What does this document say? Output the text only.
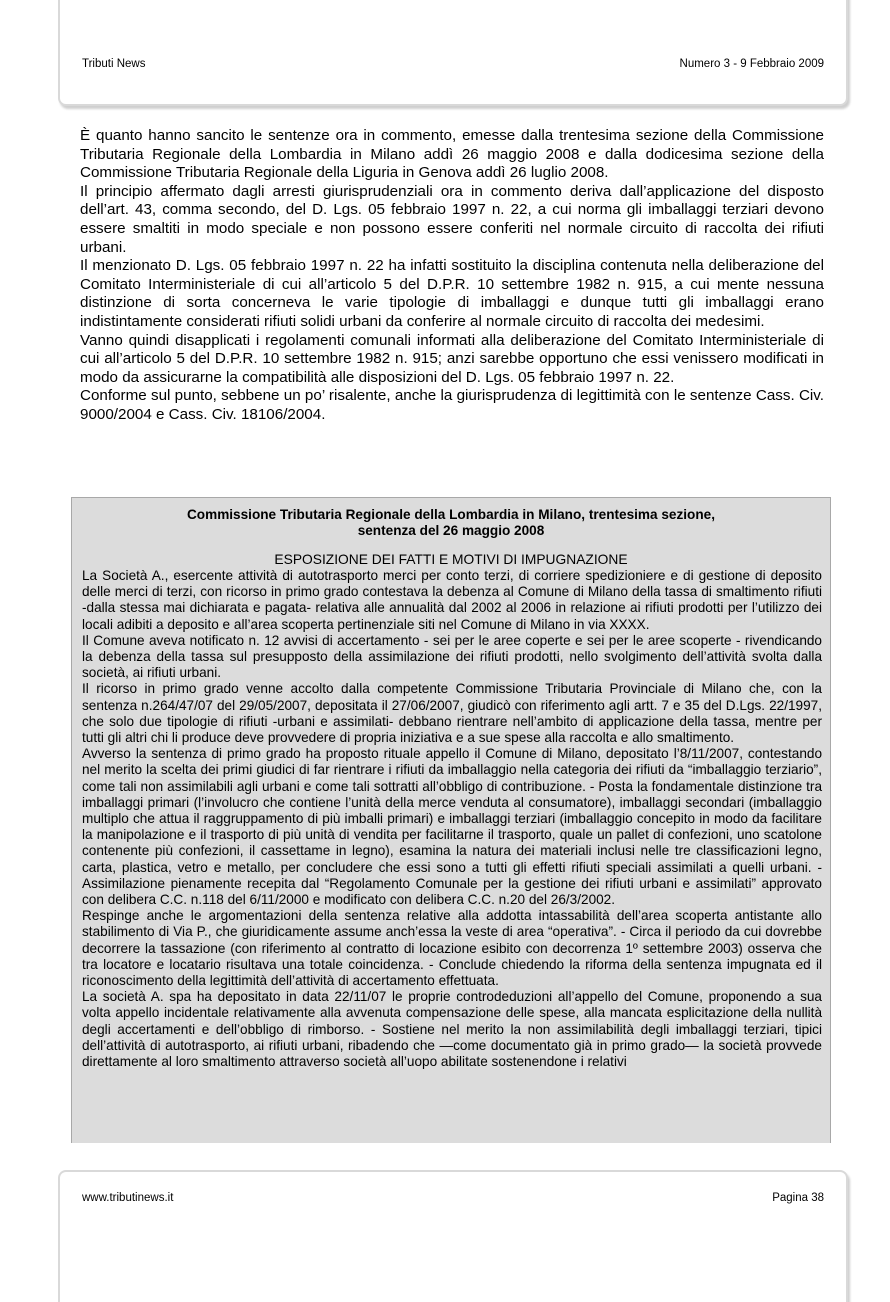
Tributi News	Numero 3 - 9 Febbraio 2009

È quanto hanno sancito le sentenze ora in commento, emesse dalla trentesima sezione della Commissione Tributaria Regionale della Lombardia in Milano addì 26 maggio 2008 e dalla dodicesima sezione della Commissione Tributaria Regionale della Liguria in Genova addì 26 luglio 2008.

Il principio affermato dagli arresti giurisprudenziali ora in commento deriva dall’applicazione del disposto dell’art. 43, comma secondo, del D. Lgs. 05 febbraio 1997 n. 22, a cui norma gli imballaggi terziari devono essere smaltiti in modo speciale e non possono essere conferiti nel normale circuito di raccolta dei rifiuti urbani.

Il menzionato D. Lgs. 05 febbraio 1997 n. 22 ha infatti sostituito la disciplina contenuta nella deliberazione del Comitato Interministeriale di cui all’articolo 5 del D.P.R. 10 settembre 1982 n. 915, a cui mente nessuna distinzione di sorta concerneva le varie tipologie di imballaggi e dunque tutti gli imballaggi erano indistintamente considerati rifiuti solidi urbani da conferire al normale circuito di raccolta dei medesimi.

Vanno quindi disapplicati i regolamenti comunali informati alla deliberazione del Comitato Interministeriale di cui all’articolo 5 del D.P.R. 10 settembre 1982 n. 915; anzi sarebbe opportuno che essi venissero modificati in modo da assicurarne la compatibilità alle disposizioni del D. Lgs. 05 febbraio 1997 n. 22.

Conforme sul punto, sebbene un po’ risalente, anche la giurisprudenza di legittimità con le sentenze Cass. Civ. 9000/2004 e Cass. Civ. 18106/2004.

Commissione Tributaria Regionale della Lombardia in Milano, trentesima sezione,
sentenza del 26 maggio 2008
ESPOSIZIONE DEI FATTI E MOTIVI DI IMPUGNAZIONE

La Società A., esercente attività di autotrasporto merci per conto terzi, di corriere spedizioniere e di gestione di deposito delle merci di terzi, con ricorso in primo grado contestava la debenza al Comune di Milano della tassa di smaltimento rifiuti -dalla stessa mai dichiarata e pagata- relativa alle annualità dal 2002 al 2006 in relazione ai rifiuti prodotti per l’utilizzo dei locali adibiti a deposito e all’area scoperta pertinenziale siti nel Comune di Milano in via XXXX.

Il Comune aveva notificato n. 12 avvisi di accertamento - sei per le aree coperte e sei per le aree scoperte - rivendicando la debenza della tassa sul presupposto della assimilazione dei rifiuti prodotti, nello svolgimento dell’attività svolta dalla società, ai rifiuti urbani.

Il ricorso in primo grado venne accolto dalla competente Commissione Tributaria Provinciale di Milano che, con la sentenza n.264/47/07 del 29/05/2007, depositata il 27/06/2007, giudicò con riferimento agli artt. 7 e 35 del D.Lgs. 22/1997, che solo due tipologie di rifiuti -urbani e assimilati- debbano rientrare nell’ambito di applicazione della tassa, mentre per tutti gli altri chi li produce deve provvedere di propria iniziativa e a sue spese alla raccolta e allo smaltimento.

Avverso la sentenza di primo grado ha proposto rituale appello il Comune di Milano, depositato l’8/11/2007, contestando nel merito la scelta dei primi giudici di far rientrare i rifiuti da imballaggio nella categoria dei rifiuti da “imballaggio terziario”, come tali non assimilabili agli urbani e come tali sottratti all’obbligo di contribuzione. - Posta la fondamentale distinzione tra imballaggi primari (l’involucro che contiene l’unità della merce venduta al consumatore), imballaggi secondari (imballaggio multiplo che attua il raggruppamento di più imballi primari) e imballaggi terziari (imballaggio concepito in modo da facilitare la manipolazione e il trasporto di più unità di vendita per facilitarne il trasporto, quale un pallet di confezioni, uno scatolone contenente più confezioni, il cassettame in legno), esamina la natura dei materiali inclusi nelle tre classificazioni legno, carta, plastica, vetro e metallo, per concludere che essi sono a tutti gli effetti rifiuti speciali assimilati a quelli urbani. - Assimilazione pienamente recepita dal “Regolamento Comunale per la gestione dei rifiuti urbani e assimilati” approvato con delibera C.C. n.118 del 6/11/2000 e modificato con delibera C.C. n.20 del 26/3/2002.

Respinge anche le argomentazioni della sentenza relative alla addotta intassabilità dell’area scoperta antistante allo stabilimento di Via P., che giuridicamente assume anch’essa la veste di area “operativa”. - Circa il periodo da cui dovrebbe decorrere la tassazione (con riferimento al contratto di locazione esibito con decorrenza 1º settembre 2003) osserva che tra locatore e locatario risultava una totale coincidenza. - Conclude chiedendo la riforma della sentenza impugnata ed il riconoscimento della legittimità dell’attività di accertamento effettuata.

La società A. spa ha depositato in data 22/11/07 le proprie controdeduzioni all’appello del Comune, proponendo a sua volta appello incidentale relativamente alla avvenuta compensazione delle spese, alla mancata esplicitazione della nullità degli accertamenti e dell’obbligo di rimborso. - Sostiene nel merito la non assimilabilità degli imballaggi terziari, tipici dell’attività di autotrasporto, ai rifiuti urbani, ribadendo che —come documentato già in primo grado— la società provvede direttamente al loro smaltimento attraverso società all’uopo abilitate sostenendone i relativi

www.tributinews.it	Pagina 38
